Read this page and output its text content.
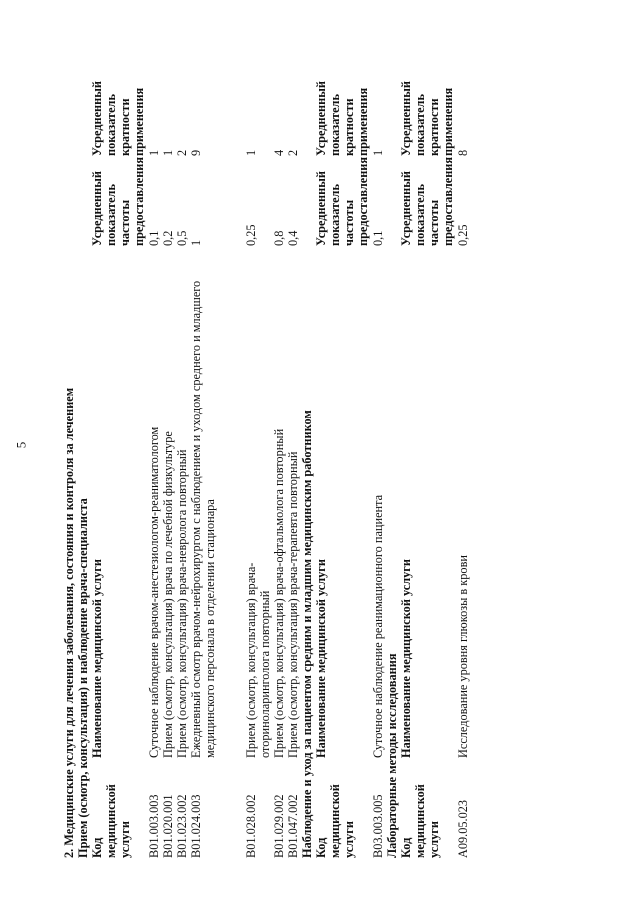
5	2. Медицинские услуги для лечения заболевания, состояния и контроля за лечением Прием (осмотр, консультация) и наблюдение врача-специалиста Код медицинской услуги
Наименование медицинской услуги
Усредненный показатель частоты предоставления
Усредненный показатель кратности применения
B01.003.003
Суточное наблюдение врачом-анестезиологом-реаниматологом
0,1
1
B01.020.001
Прием (осмотр, консультация) врача по лечебной физкультуре
0,2
1
B01.023.002
Прием (осмотр, консультация) врача-невролога повторный
0,5
2
B01.024.003
Ежедневный осмотр врачом-нейрохирургом с наблюдением и уходом среднего и младшего медицинского персонала в отделении стационара
1
9
B01.028.002
Прием (осмотр, консультация) врача-оториноларинголога повторный
0,25
1
B01.029.002
Прием (осмотр, консультация) врача-офтальмолога повторный
0,8
4
B01.047.002
Прием (осмотр, консультация) врача-терапевта повторный
0,4
2
Наблюдение и уход за пациентом средним и младшим медицинским работником Код медицинской услуги
Наименование медицинской услуги
Усредненный показатель частоты предоставления
Усредненный показатель кратности применения
B03.003.005
Суточное наблюдение реанимационного пациента
0,1
1
Лабораторные методы исследования Код медицинской услуги
Наименование медицинской услуги
Усредненный показатель частоты предоставления
Усредненный показатель кратности применения
A09.05.023
Исследование уровня глюкозы в крови
0,25
8
